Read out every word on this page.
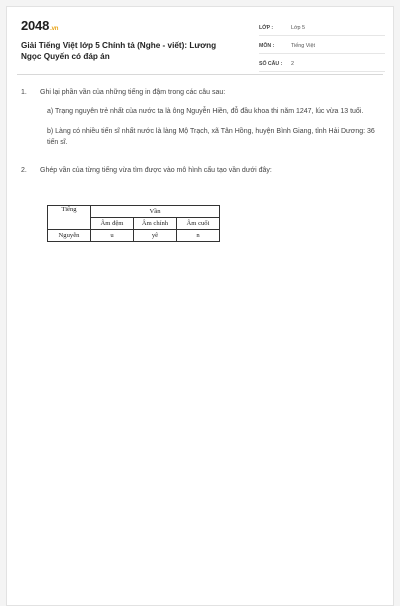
2048.vn
Giải Tiếng Việt lớp 5 Chính tả (Nghe - viết): Lương Ngọc Quyến có đáp án
LỚP :	Lớp 5
MÔN :	Tiếng Việt
SỐ CÂU :	2
1.	Ghi lại phần vần của những tiếng in đậm trong các câu sau:
a) Trạng nguyên trẻ nhất của nước ta là ông Nguyễn Hiền, đỗ đầu khoa thi năm 1247, lúc vừa 13 tuổi.
b) Làng có nhiều tiến sĩ nhất nước là làng Mộ Trạch, xã Tân Hồng, huyện Bình Giang, tỉnh Hải Dương: 36 tiến sĩ.
2.	Ghép vần của từng tiếng vừa tìm được vào mô hình cấu tạo vần dưới đây:
Tiếng	Vần		
	Âm đệm	Âm chính	Âm cuối
Nguyễn	u	yê	n
